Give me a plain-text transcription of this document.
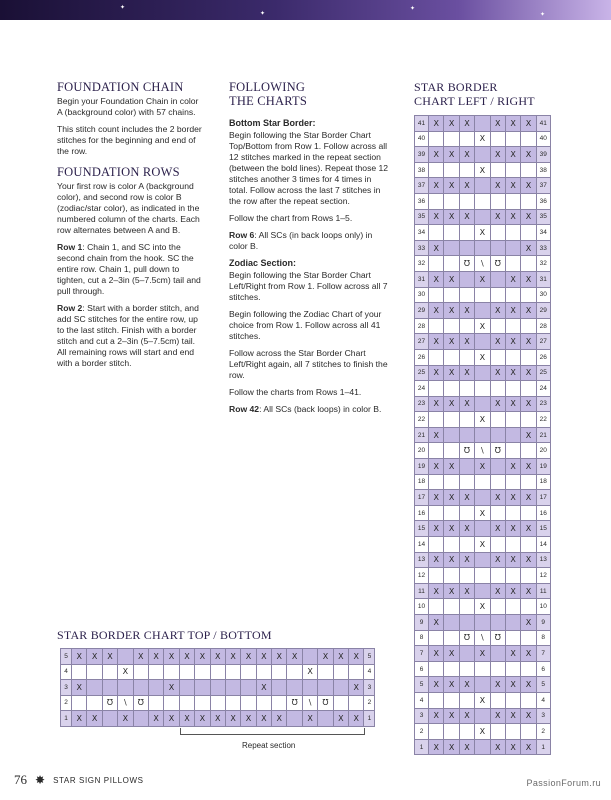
✦
✦
✦
✦
FOUNDATION CHAIN

Begin your Foundation Chain in color A (background color) with 57 chains.

This stitch count includes the 2 border stitches for the beginning and end of the row.

FOUNDATION ROWS

Your first row is color A (background color), and second row is color B (zodiac/star color), as indicated in the numbered column of the charts. Each row alternates between A and B.

Row 1: Chain 1, and SC into the second chain from the hook. SC the entire row. Chain 1, pull down to tighten, cut a 2–3in (5–7.5cm) tail and pull through.

Row 2: Start with a border stitch, and add SC stitches for the entire row, up to the last stitch. Finish with a border stitch and cut a 2–3in (5–7.5cm) tail. All remaining rows will start and end with a border stitch.

FOLLOWING
THE CHARTS
Bottom Star Border:

Begin following the Star Border Chart Top/Bottom from Row 1. Follow across all 12 stitches marked in the repeat section (between the bold lines). Repeat those 12 stitches another 3 times for 4 times in total. Follow across the last 7 stitches in the row after the repeat section.

Follow the chart from Rows 1–5.

Row 6: All SCs (in back loops only) in color B.

Zodiac Section:

Begin following the Star Border Chart Left/Right from Row 1. Follow across all 7 stitches.

Begin following the Zodiac Chart of your choice from Row 1. Follow across all 41 stitches.

Follow across the Star Border Chart Left/Right again, all 7 stitches to finish the row.

Follow the charts from Rows 1–41.

Row 42: All SCs (back loops) in color B.

STAR BORDER
CHART LEFT / RIGHT
41	X	X	X		X	X	X	41
40				X				40
39	X	X	X		X	X	X	39
38				X				38
37	X	X	X		X	X	X	37
36								36
35	X	X	X		X	X	X	35
34				X				34
33	X						X	33
32			Ʊ	\	Ʊ			32
31	X	X		X		X	X	31
30								30
29	X	X	X		X	X	X	29
28				X				28
27	X	X	X		X	X	X	27
26				X				26
25	X	X	X		X	X	X	25
24								24
23	X	X	X		X	X	X	23
22				X				22
21	X						X	21
20			Ʊ	\	Ʊ			20
19	X	X		X		X	X	19
18								18
17	X	X	X		X	X	X	17
16				X				16
15	X	X	X		X	X	X	15
14				X				14
13	X	X	X		X	X	X	13
12								12
11	X	X	X		X	X	X	11
10				X				10
9	X						X	9
8			Ʊ	\	Ʊ			8
7	X	X		X		X	X	7
6								6
5	X	X	X		X	X	X	5
4				X				4
3	X	X	X		X	X	X	3
2				X				2
1	X	X	X		X	X	X	1
STAR BORDER CHART TOP / BOTTOM
5	X	X	X		X	X	X	X	X	X	X	X	X	X	X		X	X	X	5
4				X												X				4
3	X						X						X						X	3
2			Ʊ	\	Ʊ										Ʊ	\	Ʊ			2
1	X	X		X		X	X	X	X	X	X	X	X	X		X		X	X	1
Repeat section
76 ✸ STAR SIGN PILLOWS	PassionForum.ru
